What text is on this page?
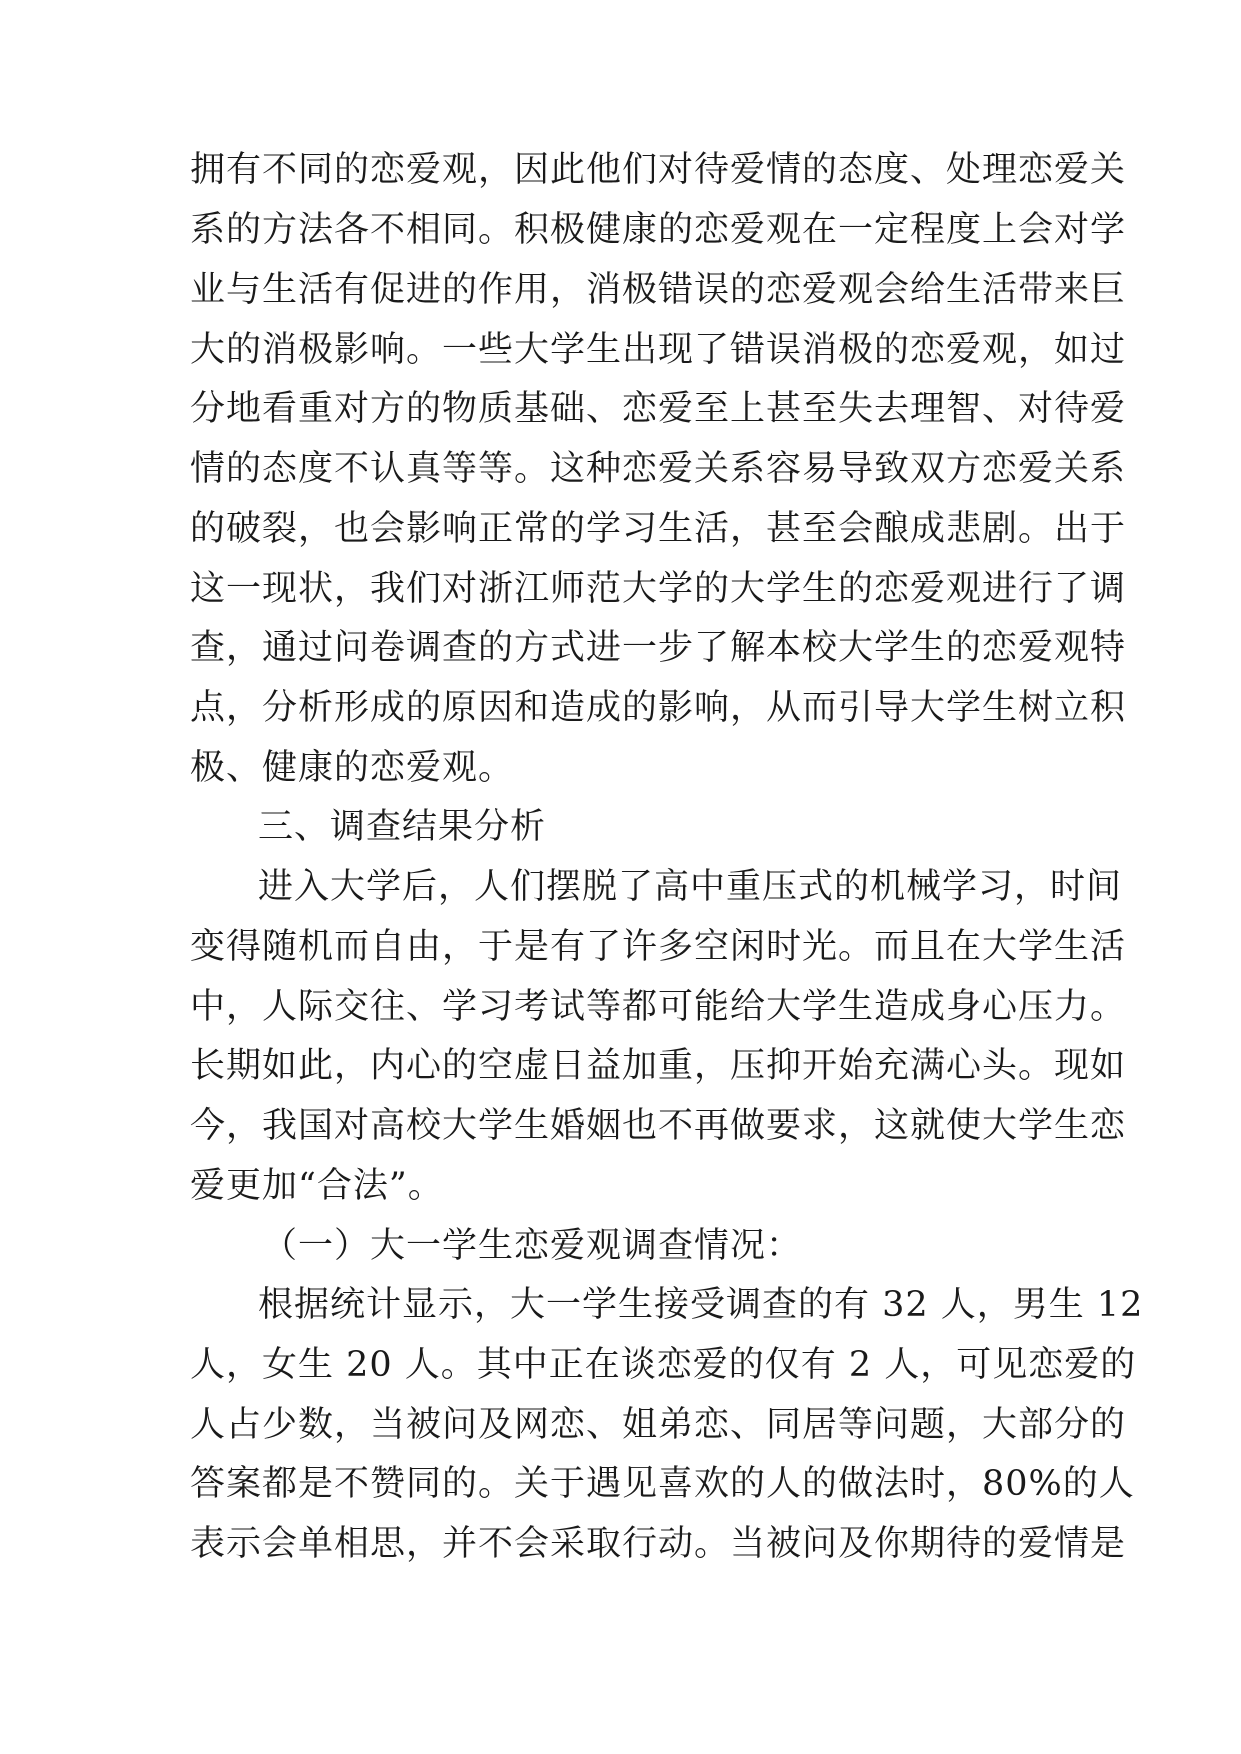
拥有不同的恋爱观，因此他们对待爱情的态度、处理恋爱关
系的方法各不相同。积极健康的恋爱观在一定程度上会对学
业与生活有促进的作用，消极错误的恋爱观会给生活带来巨
大的消极影响。一些大学生出现了错误消极的恋爱观，如过
分地看重对方的物质基础、恋爱至上甚至失去理智、对待爱
情的态度不认真等等。这种恋爱关系容易导致双方恋爱关系
的破裂，也会影响正常的学习生活，甚至会酿成悲剧。出于
这一现状，我们对浙江师范大学的大学生的恋爱观进行了调
查，通过问卷调查的方式进一步了解本校大学生的恋爱观特
点，分析形成的原因和造成的影响，从而引导大学生树立积
极、健康的恋爱观。
三、调查结果分析
进入大学后，人们摆脱了高中重压式的机械学习，时间
变得随机而自由，于是有了许多空闲时光。而且在大学生活
中，人际交往、学习考试等都可能给大学生造成身心压力。
长期如此，内心的空虚日益加重，压抑开始充满心头。现如
今，我国对高校大学生婚姻也不再做要求，这就使大学生恋
爱更加“合法”。
（一）大一学生恋爱观调查情况：
根据统计显示，大一学生接受调查的有 32 人，男生 12
人，女生 20 人。其中正在谈恋爱的仅有 2 人，可见恋爱的
人占少数，当被问及网恋、姐弟恋、同居等问题，大部分的
答案都是不赞同的。关于遇见喜欢的人的做法时，80%的人
表示会单相思，并不会采取行动。当被问及你期待的爱情是
